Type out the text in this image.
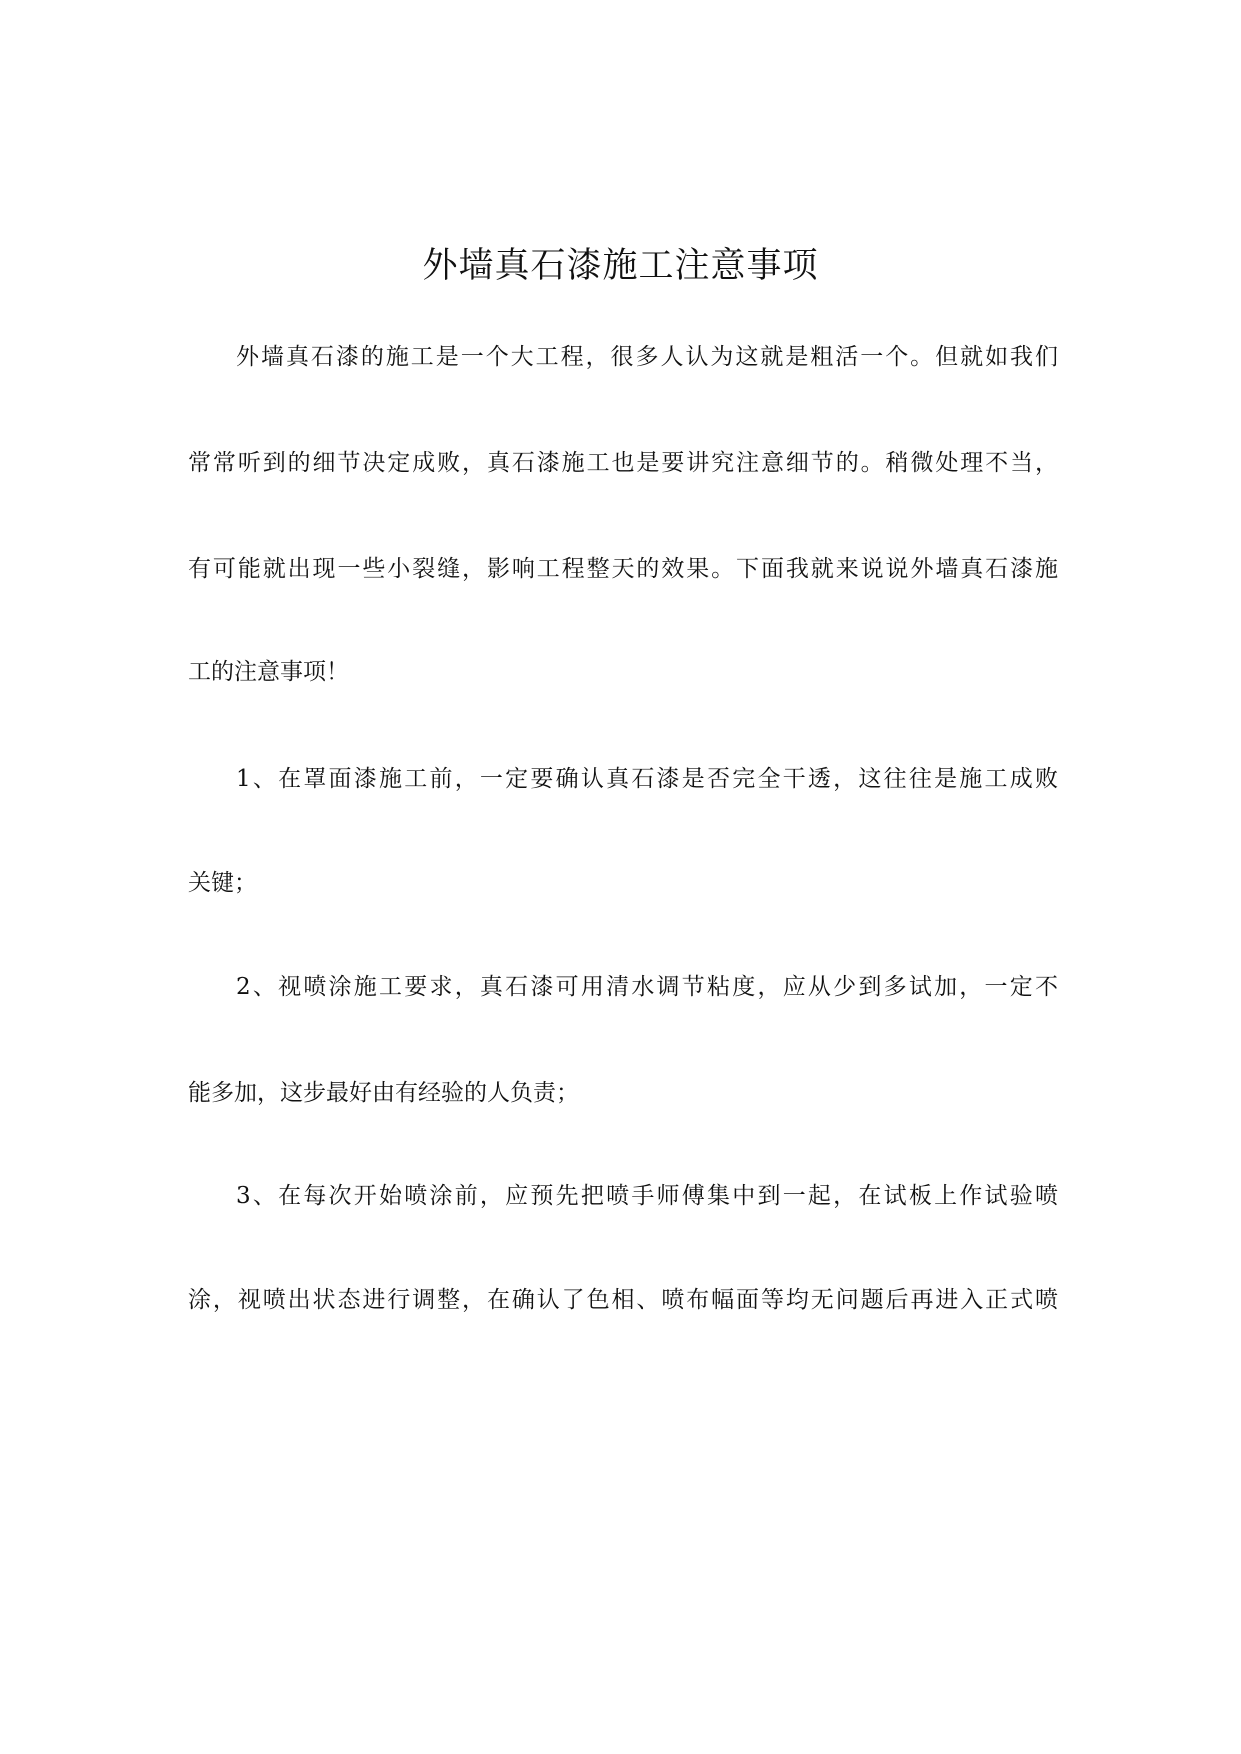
外墙真石漆施工注意事项

外墙真石漆的施工是一个大工程，很多人认为这就是粗活一个。但就如我们

常常听到的细节决定成败，真石漆施工也是要讲究注意细节的。稍微处理不当，

有可能就出现一些小裂缝，影响工程整天的效果。下面我就来说说外墙真石漆施

工的注意事项！

1、在罩面漆施工前，一定要确认真石漆是否完全干透，这往往是施工成败

关键；

2、视喷涂施工要求，真石漆可用清水调节粘度，应从少到多试加，一定不

能多加，这步最好由有经验的人负责；

3、在每次开始喷涂前，应预先把喷手师傅集中到一起，在试板上作试验喷

涂，视喷出状态进行调整，在确认了色相、喷布幅面等均无问题后再进入正式喷
